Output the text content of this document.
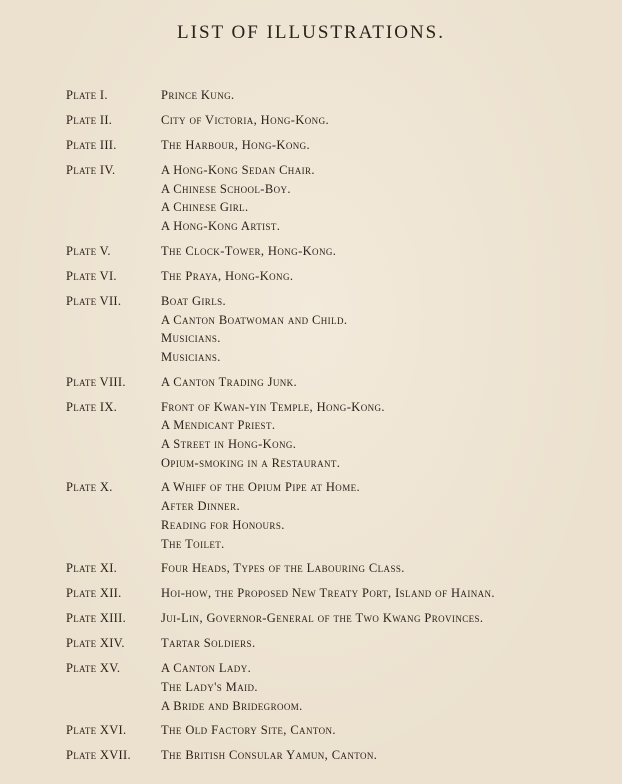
LIST OF ILLUSTRATIONS.
Plate I.	Prince Kung.
Plate II.	City of Victoria, Hong-Kong.
Plate III.	The Harbour, Hong-Kong.
Plate IV.	A Hong-Kong Sedan Chair.
A Chinese School-Boy.
A Chinese Girl.
A Hong-Kong Artist.
Plate V.	The Clock-Tower, Hong-Kong.
Plate VI.	The Praya, Hong-Kong.
Plate VII.	Boat Girls.
A Canton Boatwoman and Child.
Musicians.
Musicians.
Plate VIII.	A Canton Trading Junk.
Plate IX.	Front of Kwan-yin Temple, Hong-Kong.
A Mendicant Priest.
A Street in Hong-Kong.
Opium-smoking in a Restaurant.
Plate X.	A Whiff of the Opium Pipe at Home.
After Dinner.
Reading for Honours.
The Toilet.
Plate XI.	Four Heads, Types of the Labouring Class.
Plate XII.	Hoi-how, the Proposed New Treaty Port, Island of Hainan.
Plate XIII.	Jui-Lin, Governor-General of the Two Kwang Provinces.
Plate XIV.	Tartar Soldiers.
Plate XV.	A Canton Lady.
The Lady's Maid.
A Bride and Bridegroom.
Plate XVI.	The Old Factory Site, Canton.
Plate XVII.	The British Consular Yamun, Canton.
